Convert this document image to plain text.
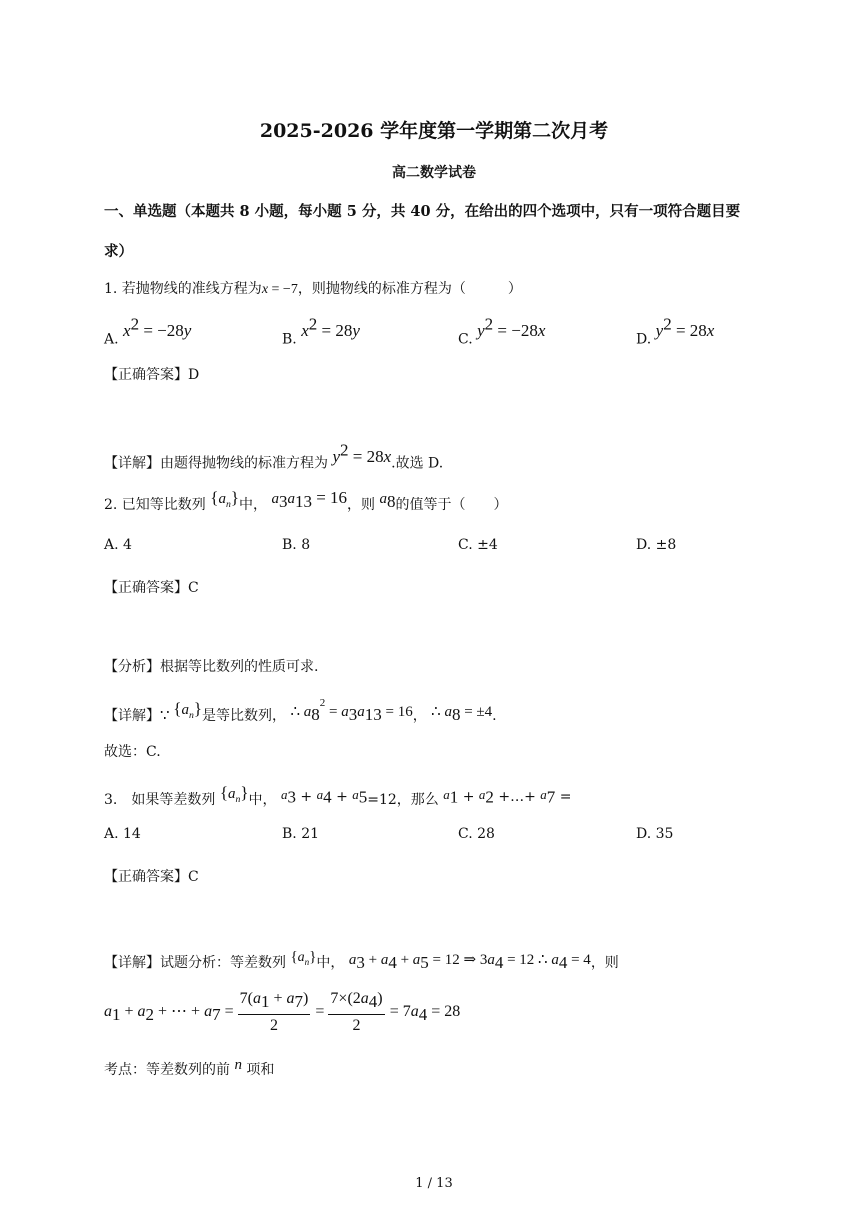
2025-2026 学年度第一学期第二次月考
高二数学试卷
一、单选题（本题共 8 小题，每小题 5 分，共 40 分，在给出的四个选项中，只有一项符合题目要
求）
1. 若抛物线的准线方程为x = −7，则抛物线的标准方程为（　　　）
A. $x^2 = -28y$	B. $x^2 = 28y$	C. $y^2 = -28x$	D. $y^2 = 28x$
【正确答案】D
【详解】由题得抛物线的标准方程为 $y^2 = 28x$.故选 D.
2. 已知等比数列 $\{a_n\}$中， $a_3a_{13} = 16$，则 $a_8$的值等于（　　）
A. 4	B. 8	C. ±4	D. ±8
【正确答案】C
【分析】根据等比数列的性质可求.
【详解】∵ $\{a_n\}$是等比数列， ∴ $a_8^2 = a_3a_{13} = 16$， ∴ $a_8 = \pm 4$.
故选：C.
3.　如果等差数列 $\{a_n\}$中， $a_3 + a_4 + a_5=12$，那么 $a_1 + a_2$ +…+ $a_7$ =
A. 14	B. 21	C. 28	D. 35
【正确答案】C
【详解】试题分析：等差数列 $\{a_n\}$中， $a_3 + a_4 + a_5 = 12$ ⇒ $3a_4 = 12$ ∴ $a_4 = 4$，则
$a_1 + a_2$ + ⋯ + $a_7 = \frac{7(a_1 + a_7)}{2} = \frac{7\times(2a_4)}{2} = 7a_4 = 28$
考点：等差数列的前 n 项和
1 / 13
